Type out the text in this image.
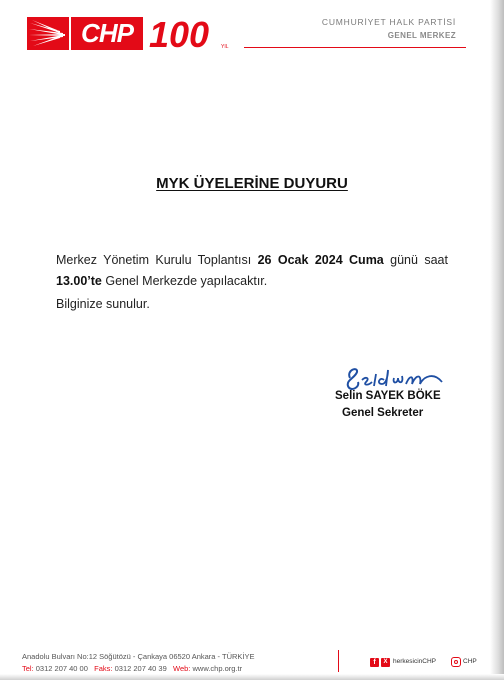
CHP 100 YIL
CUMHURİYET HALK PARTİSİ
GENEL MERKEZ
MYK ÜYELERİNE DUYURU
Merkez Yönetim Kurulu Toplantısı 26 Ocak 2024 Cuma günü saat 13.00’te Genel Merkezde yapılacaktır.
Bilginize sunulur.
Selin SAYEK BÖKE
Genel Sekreter
Anadolu Bulvarı No:12 Söğütözü - Çankaya 06520 Ankara - TÜRKİYE
Tel: 0312 207 40 00 Faks: 0312 207 40 39 Web: www.chp.org.tr
f	X herkesicinCHP	CHP
